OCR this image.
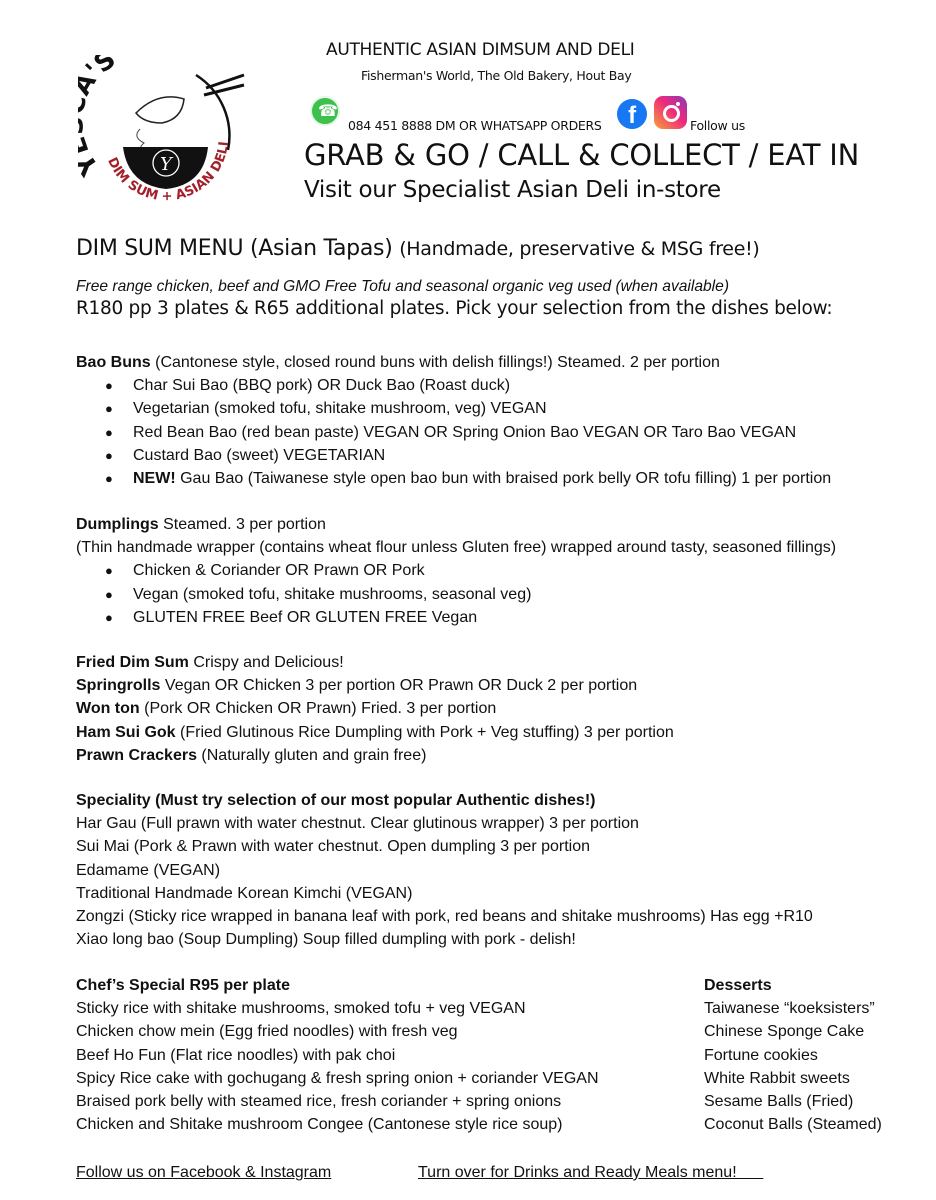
Y
'S
DIM SUM + ASIAN DELI
AUTHENTIC ASIAN DIMSUM AND DELI
Fisherman's World, The Old Bakery, Hout Bay
☎
084 451 8888 DM OR WHATSAPP ORDERS	f	Follow us
GRAB & GO / CALL & COLLECT / EAT IN
Visit our Specialist Asian Deli in-store
DIM SUM MENU (Asian Tapas) (Handmade, preservative & MSG free!)
Free range chicken, beef and GMO Free Tofu and seasonal organic veg used (when available)
R180 pp 3 plates & R65 additional plates. Pick your selection from the dishes below:
Bao Buns (Cantonese style, closed round buns with delish fillings!) Steamed. 2 per portion
● Char Sui Bao (BBQ pork) OR Duck Bao (Roast duck)
● Vegetarian (smoked tofu, shitake mushroom, veg) VEGAN
● Red Bean Bao (red bean paste) VEGAN OR Spring Onion Bao VEGAN OR Taro Bao VEGAN
● Custard Bao (sweet) VEGETARIAN
● NEW! Gau Bao (Taiwanese style open bao bun with braised pork belly OR tofu filling) 1 per portion
Dumplings Steamed. 3 per portion
(Thin handmade wrapper (contains wheat flour unless Gluten free) wrapped around tasty, seasoned fillings)
● Chicken & Coriander OR Prawn OR Pork
● Vegan (smoked tofu, shitake mushrooms, seasonal veg)
● GLUTEN FREE Beef OR GLUTEN FREE Vegan
Fried Dim Sum Crispy and Delicious!
Springrolls Vegan OR Chicken 3 per portion OR Prawn OR Duck 2 per portion
Won ton (Pork OR Chicken OR Prawn) Fried. 3 per portion
Ham Sui Gok (Fried Glutinous Rice Dumpling with Pork + Veg stuffing) 3 per portion
Prawn Crackers (Naturally gluten and grain free)
Speciality (Must try selection of our most popular Authentic dishes!)
Har Gau (Full prawn with water chestnut. Clear glutinous wrapper) 3 per portion
Sui Mai (Pork & Prawn with water chestnut. Open dumpling 3 per portion
Edamame (VEGAN)
Traditional Handmade Korean Kimchi (VEGAN)
Zongzi (Sticky rice wrapped in banana leaf with pork, red beans and shitake mushrooms) Has egg +R10
Xiao long bao (Soup Dumpling) Soup filled dumpling with pork - delish!
Chef’s Special R95 per plate
Sticky rice with shitake mushrooms, smoked tofu + veg VEGAN
Chicken chow mein (Egg fried noodles) with fresh veg
Beef Ho Fun (Flat rice noodles) with pak choi
Spicy Rice cake with gochugang & fresh spring onion + coriander VEGAN
Braised pork belly with steamed rice, fresh coriander + spring onions
Chicken and Shitake mushroom Congee (Cantonese style rice soup)
Desserts
Taiwanese “koeksisters”
Chinese Sponge Cake
Fortune cookies
White Rabbit sweets
Sesame Balls (Fried)
Coconut Balls (Steamed)
Follow us on Facebook & Instagram	Turn over for Drinks and Ready Meals menu!
